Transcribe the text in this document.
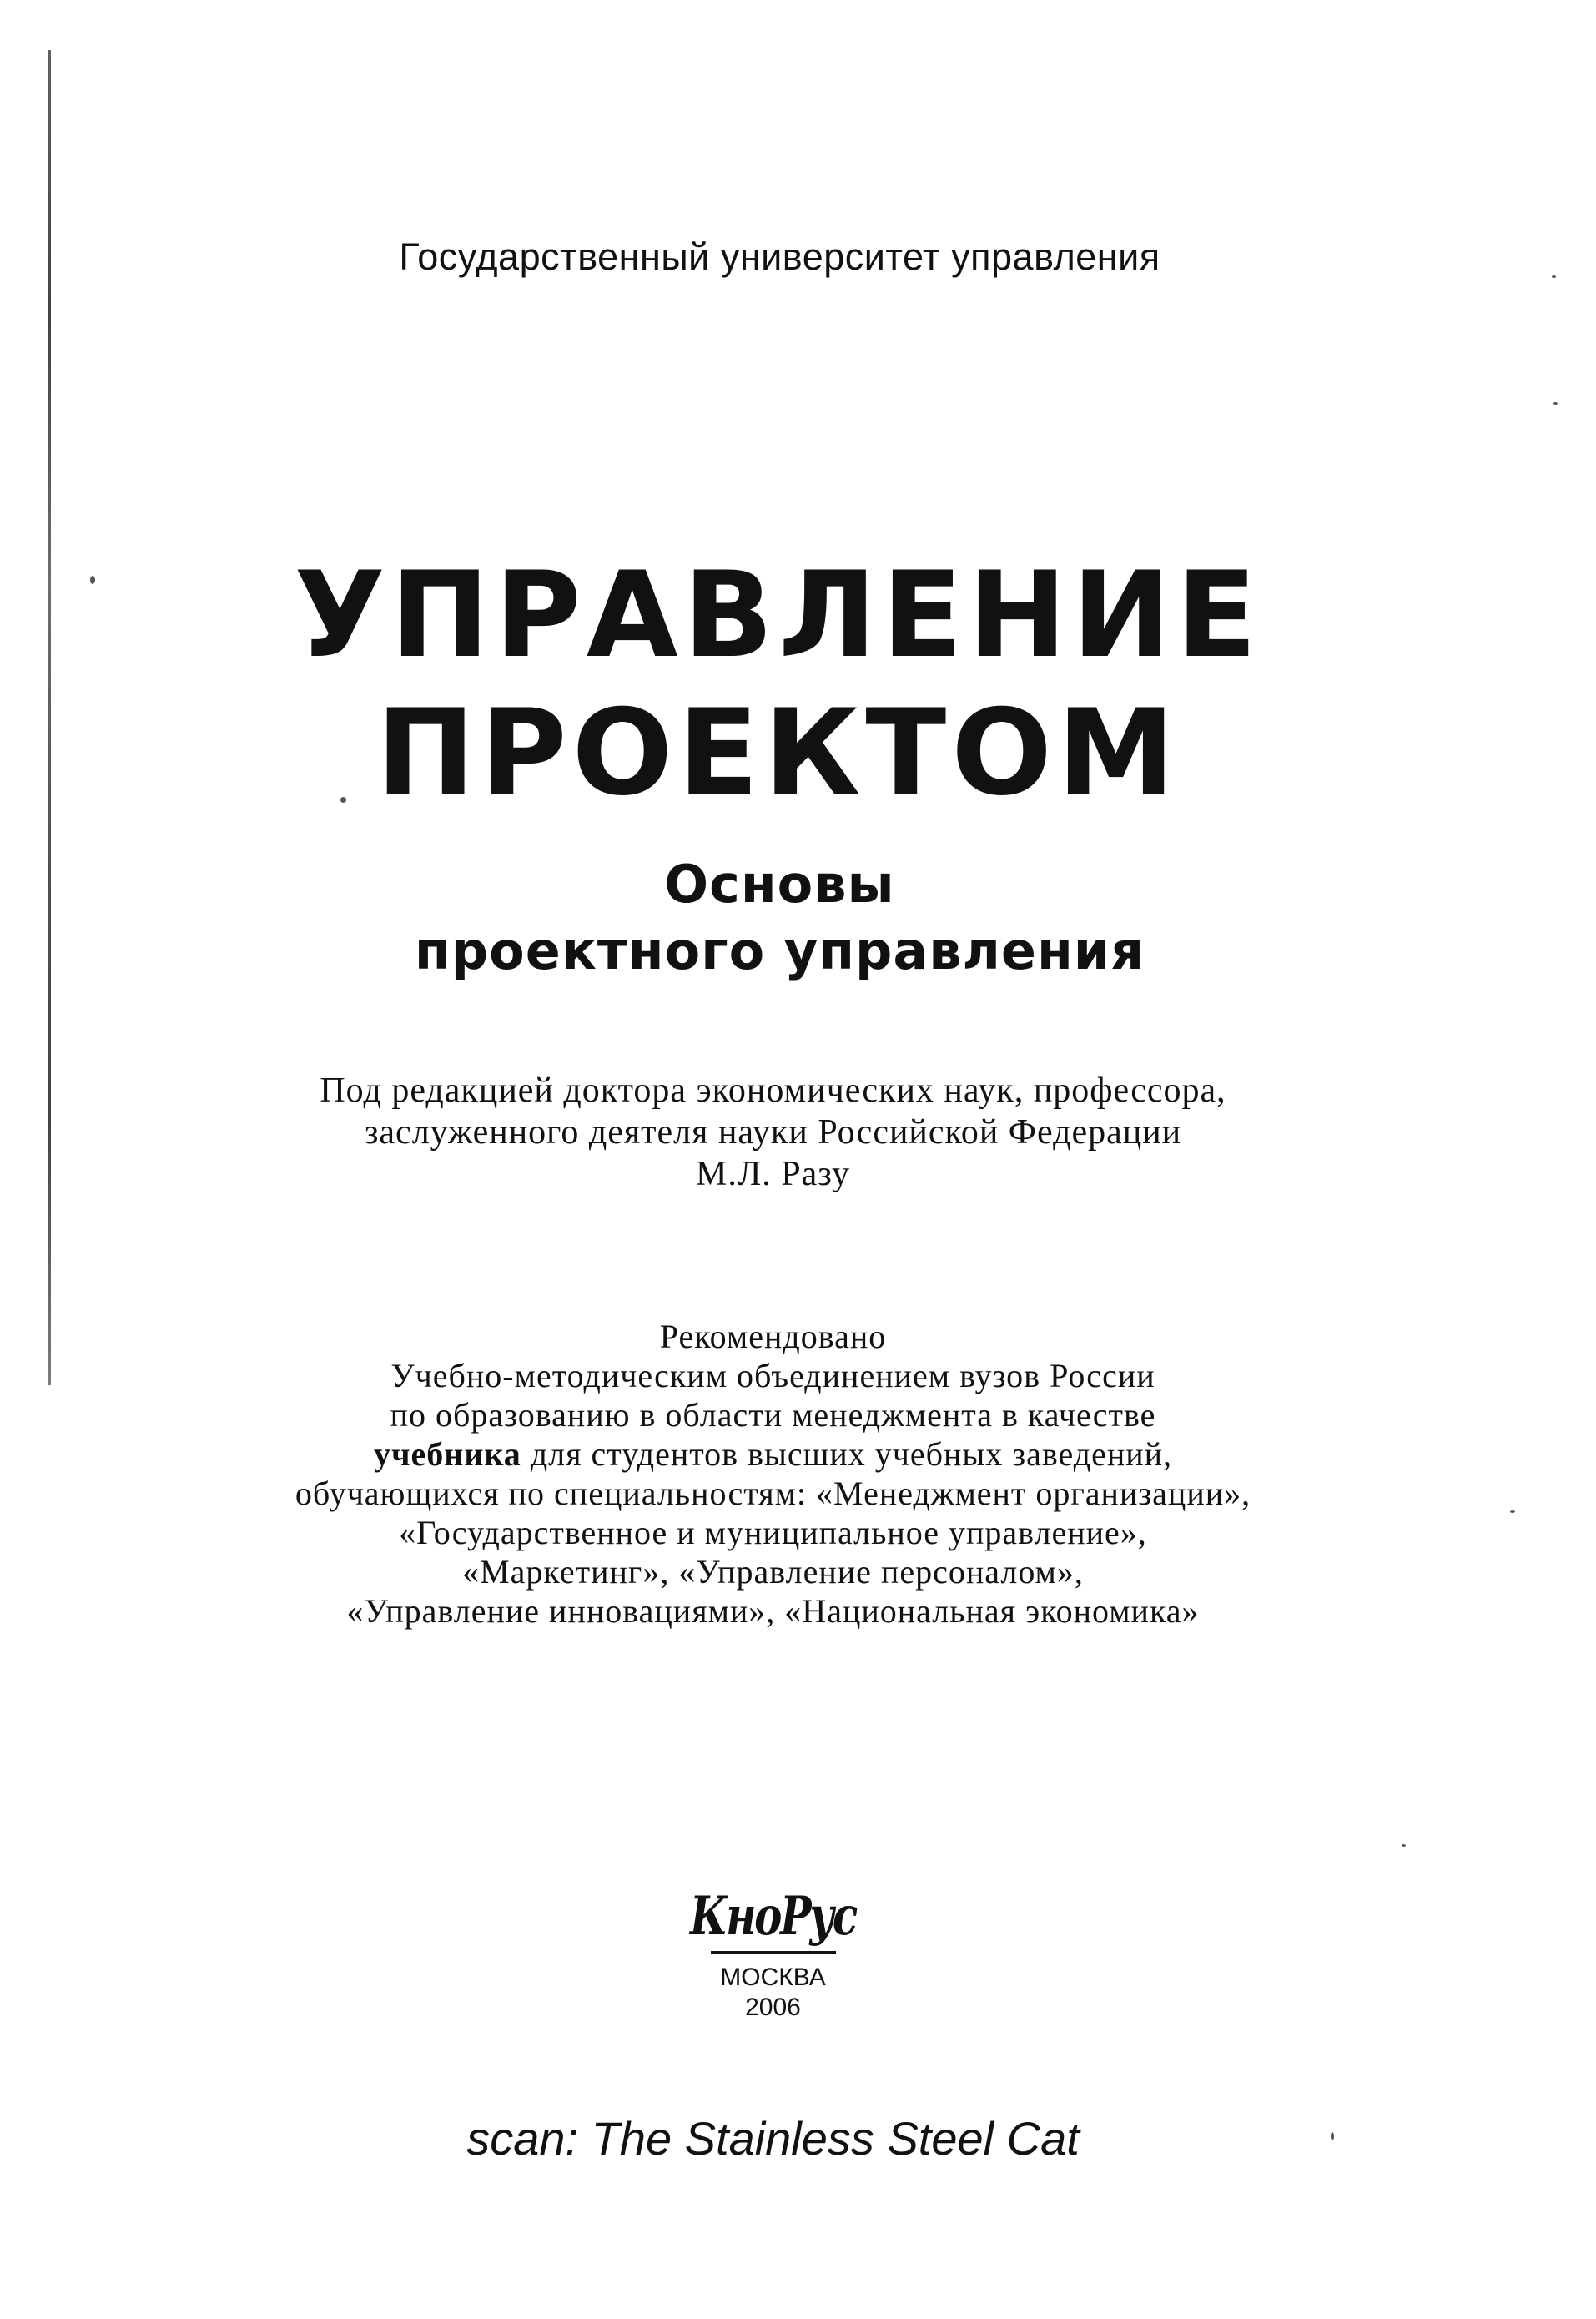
Государственный университет управления
УПРАВЛЕНИЕ
ПРОЕКТОМ
Основы
проектного управления
Под редакцией доктора экономических наук, профессора,
заслуженного деятеля науки Российской Федерации
М.Л. Разу
Рекомендовано
Учебно-методическим объединением вузов России
по образованию в области менеджмента в качестве
учебника для студентов высших учебных заведений,
обучающихся по специальностям: «Менеджмент организации»,
«Государственное и муниципальное управление»,
«Маркетинг», «Управление персоналом»,
«Управление инновациями», «Национальная экономика»
КноРус
МОСКВА
2006
scan: The Stainless Steel Cat
